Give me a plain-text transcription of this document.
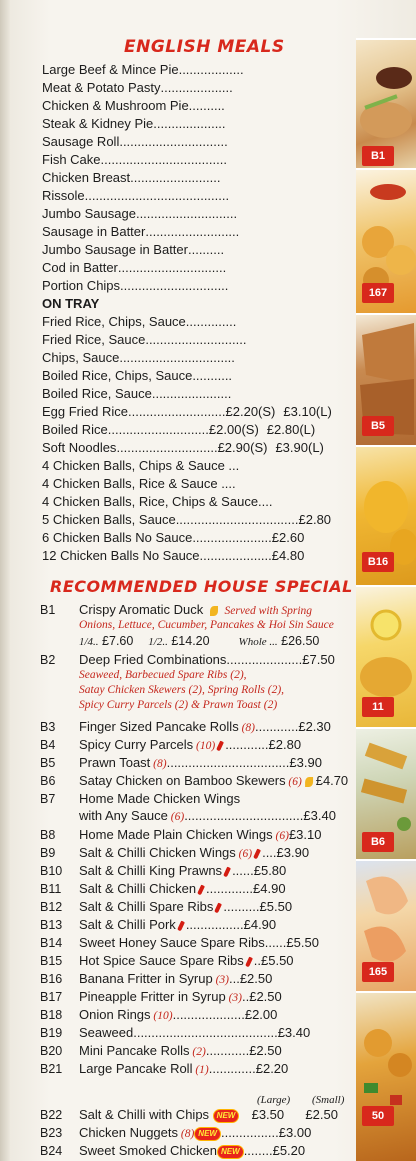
ENGLISH MEALS
Large Beef & Mince Pie..................
Meat & Potato Pasty....................
Chicken & Mushroom Pie..........
Steak & Kidney Pie....................
Sausage Roll..............................
Fish Cake...................................
Chicken Breast.........................
Rissole........................................
Jumbo Sausage............................
Sausage in Batter..........................
Jumbo Sausage in Batter..........
Cod in Batter..............................
Portion Chips..............................
ON TRAY
Fried Rice, Chips, Sauce..............
Fried Rice, Sauce............................
Chips, Sauce................................
Boiled Rice, Chips, Sauce...........
Boiled Rice, Sauce......................
Egg Fried Rice...........................£2.20(S) £3.10(L)
Boiled Rice............................£2.00(S) £2.80(L)
Soft Noodles............................£2.90(S) £3.90(L)
4 Chicken Balls, Chips & Sauce ...
4 Chicken Balls, Rice & Sauce ....
4 Chicken Balls, Rice, Chips & Sauce....
5 Chicken Balls, Sauce..................................£2.80
6 Chicken Balls No Sauce......................£2.60
12 Chicken Balls No Sauce....................£4.80
RECOMMENDED HOUSE SPECIAL
B1 Crispy Aromatic Duck Served with Spring
Onions, Lettuce, Cucumber, Pancakes & Hoi Sin Sauce
1/4.. £7.60 1/2.. £14.20	Whole ... £26.50
B2 Deep Fried Combinations.....................£7.50
Seaweed, Barbecued Spare Ribs (2),
Satay Chicken Skewers (2), Spring Rolls (2),
Spicy Curry Parcels (2) & Prawn Toast (2)
B3 Finger Sized Pancake Rolls (8)............£2.30
B4 Spicy Curry Parcels (10) ............£2.80
B5 Prawn Toast (8)..................................£3.90
B6 Satay Chicken on Bamboo Skewers (6) £4.70
B7 Home Made Chicken Wings
with Any Sauce (6).................................£3.40
B8 Home Made Plain Chicken Wings (6)£3.10
B9 Salt & Chilli Chicken Wings (6) ....£3.90
B10 Salt & Chilli King Prawns ......£5.80
B11 Salt & Chilli Chicken .............£4.90
B12 Salt & Chilli Spare Ribs ..........£5.50
B13 Salt & Chilli Pork ................£4.90
B14 Sweet Honey Sauce Spare Ribs......£5.50
B15 Hot Spice Sauce Spare Ribs ..£5.50
B16 Banana Fritter in Syrup (3)...£2.50
B17 Pineapple Fritter in Syrup (3)..£2.50
B18 Onion Rings (10)....................£2.00
B19 Seaweed........................................£3.40
B20 Mini Pancake Rolls (2)............£2.50
B21 Large Pancake Roll (1).............£2.20
(Large) (Small)
B22 Salt & Chilli with Chips NEW £3.50 £2.50
B23 Chicken Nuggets (8) NEW ................£3.00
B24 Sweet Smoked Chicken NEW ........£5.20
B1
167
B5
B16
11
B6
165
50
